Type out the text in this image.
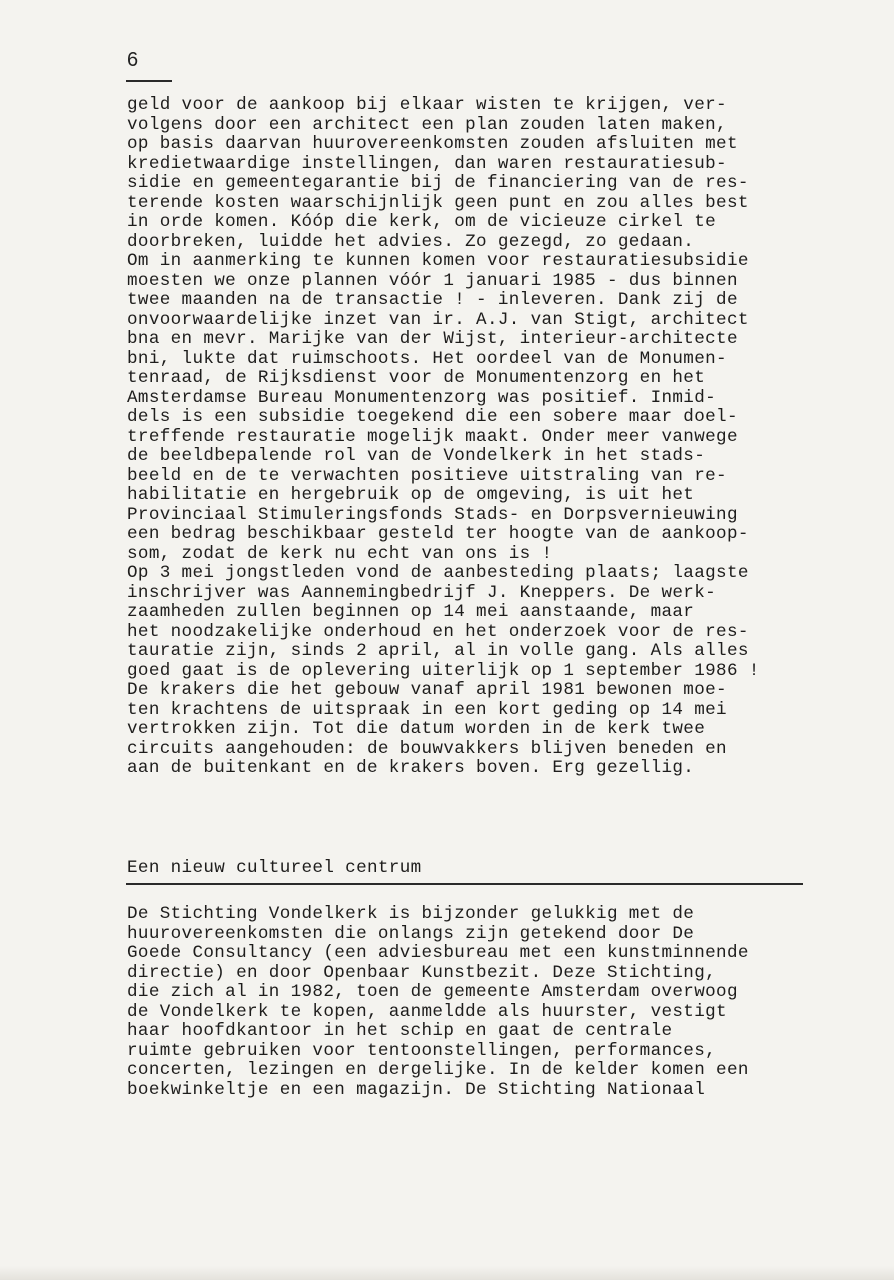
6
geld voor de aankoop bij elkaar wisten te krijgen, ver-
volgens door een architect een plan zouden laten maken,
op basis daarvan huurovereenkomsten zouden afsluiten met
kredietwaardige instellingen, dan waren restauratiesub-
sidie en gemeentegarantie bij de financiering van de res-
terende kosten waarschijnlijk geen punt en zou alles best
in orde komen. Kóóp die kerk, om de vicieuze cirkel te
doorbreken, luidde het advies. Zo gezegd, zo gedaan.
Om in aanmerking te kunnen komen voor restauratiesubsidie
moesten we onze plannen vóór 1 januari 1985 - dus binnen
twee maanden na de transactie ! - inleveren. Dank zij de
onvoorwaardelijke inzet van ir. A.J. van Stigt, architect
bna en mevr. Marijke van der Wijst, interieur-architecte
bni, lukte dat ruimschoots. Het oordeel van de Monumen-
tenraad, de Rijksdienst voor de Monumentenzorg en het
Amsterdamse Bureau Monumentenzorg was positief. Inmid-
dels is een subsidie toegekend die een sobere maar doel-
treffende restauratie mogelijk maakt. Onder meer vanwege
de beeldbepalende rol van de Vondelkerk in het stads-
beeld en de te verwachten positieve uitstraling van re-
habilitatie en hergebruik op de omgeving, is uit het
Provinciaal Stimuleringsfonds Stads- en Dorpsvernieuwing
een bedrag beschikbaar gesteld ter hoogte van de aankoop-
som, zodat de kerk nu echt van ons is !
Op 3 mei jongstleden vond de aanbesteding plaats; laagste
inschrijver was Aannemingbedrijf J. Kneppers. De werk-
zaamheden zullen beginnen op 14 mei aanstaande, maar
het noodzakelijke onderhoud en het onderzoek voor de res-
tauratie zijn, sinds 2 april, al in volle gang. Als alles
goed gaat is de oplevering uiterlijk op 1 september 1986 !
De krakers die het gebouw vanaf april 1981 bewonen moe-
ten krachtens de uitspraak in een kort geding op 14 mei
vertrokken zijn. Tot die datum worden in de kerk twee
circuits aangehouden: de bouwvakkers blijven beneden en
aan de buitenkant en de krakers boven. Erg gezellig.
Een nieuw cultureel centrum
De Stichting Vondelkerk is bijzonder gelukkig met de
huurovereenkomsten die onlangs zijn getekend door De
Goede Consultancy (een adviesbureau met een kunstminnende
directie) en door Openbaar Kunstbezit. Deze Stichting,
die zich al in 1982, toen de gemeente Amsterdam overwoog
de Vondelkerk te kopen, aanmeldde als huurster, vestigt
haar hoofdkantoor in het schip en gaat de centrale
ruimte gebruiken voor tentoonstellingen, performances,
concerten, lezingen en dergelijke. In de kelder komen een
boekwinkeltje en een magazijn. De Stichting Nationaal
